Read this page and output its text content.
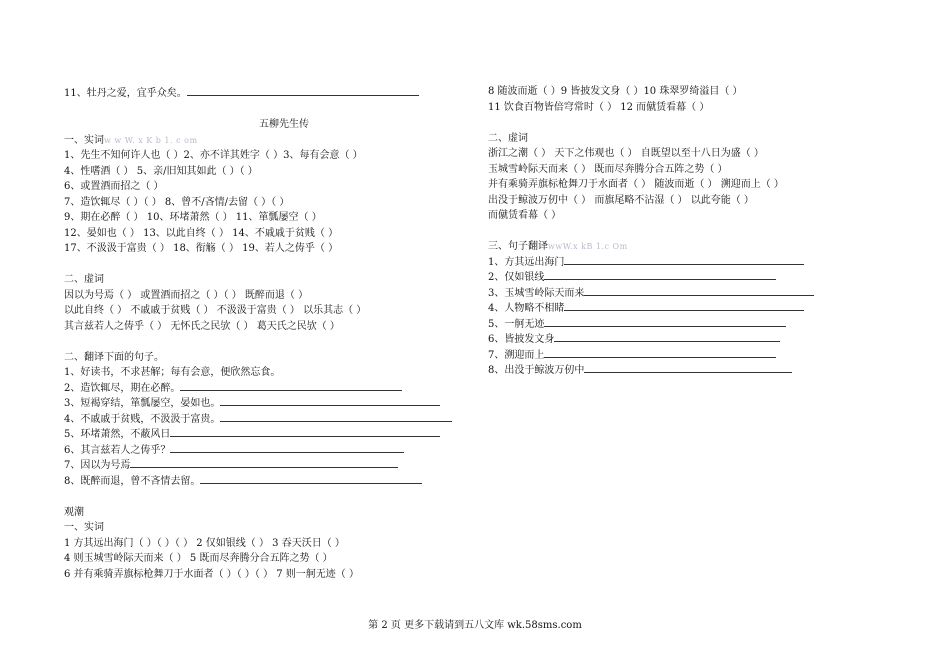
11、牡丹之爱，宜乎众矣。
五柳先生传
一、实词w w W. x K b 1. c om
1、先生不知何许人也（ ）2、亦不详其姓字（ ）3、每有会意（ ）
4、性嗜酒（ ） 5、亲/旧知其如此（ ）（ ）
6、或置酒而招之（ ）
7、造饮辄尽（ ）（ ） 8、曾不/吝情/去留（ ）（ ）
9、期在必醉（ ） 10、环堵萧然（ ） 11、箪瓢屡空（ ）
12、晏如也（ ） 13、以此自终（ ） 14、不戚戚于贫贱（ ）
17、不汲汲于富贵（ ） 18、衔觞（ ） 19、若人之俦乎（ ）
二、虚词
因以为号焉（ ） 或置酒而招之（ ）（ ） 既醉而退（ ）
以此自终（ ） 不戚戚于贫贱（ ） 不汲汲于富贵（ ） 以乐其志（ ）
其言兹若人之俦乎（ ） 无怀氏之民欤（ ） 葛天氏之民欤（ ）
二、翻译下面的句子。
1、好读书，不求甚解；每有会意，便欣然忘食。
2、造饮辄尽，期在必醉。
3、短褐穿结，箪瓢屡空，晏如也。
4、不戚戚于贫贱，不汲汲于富贵。
5、环堵萧然，不蔽风日
6、其言兹若人之俦乎？
7、因以为号焉
8、既醉而退，曾不吝情去留。
观潮
一、实词
1 方其远出海门（ ）（ ）（ ） 2 仅如银线（ ） 3 吞天沃日（ ）
4 则玉城雪岭际天而来（ ） 5 既而尽奔腾分合五阵之势（ ）
6 并有乘骑弄旗标枪舞刀于水面者（ ）（ ）（ ） 7 则一舸无迹（ ）
8 随波而逝（ ）9 皆披发文身（ ）10 珠翠罗绮溢目（ ）
11 饮食百物皆倍穹常时（ ） 12 而僦赁看幕（ ）
二、虚词
浙江之潮（ ） 天下之伟观也（ ） 自既望以至十八日为盛（ ）
玉城雪岭际天而来（ ） 既而尽奔腾分合五阵之势（ ）
并有乘骑弄旗标枪舞刀于水面者（ ） 随波而逝（ ） 溯迎而上（ ）
出没于鲸波万仞中（ ） 而旗尾略不沾湿（ ） 以此夸能（ ）
而僦赁看幕（ ）
三、句子翻译wwW.x kB 1.c Om
1、方其远出海门
2、仅如银线
3、玉城雪岭际天而来
4、人物略不相睹
5、一舸无迹
6、皆披发文身
7、溯迎而上
8、出没于鲸波万仞中
第 2 页 更多下载请到五八文库 wk.58sms.com
